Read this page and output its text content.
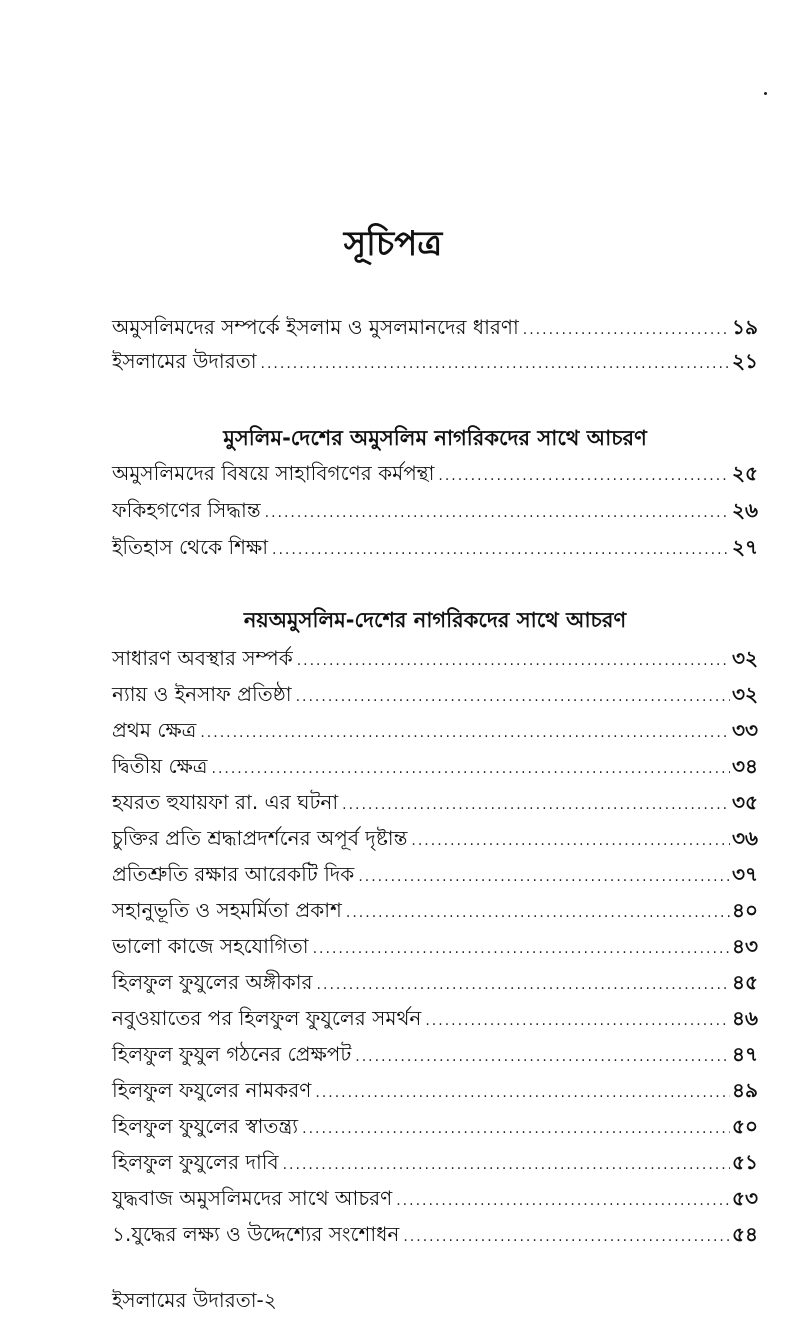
সূচিপত্র
অমুসলিমদের সম্পর্কে ইসলাম ও মুসলমানদের ধারণা .....	১৯
ইসলামের উদারতা .....	২১
মুসলিম-দেশের অমুসলিম নাগরিকদের সাথে আচরণ
অমুসলিমদের বিষয়ে সাহাবিগণের কর্মপন্থা .....	২৫
ফকিহগণের সিদ্ধান্ত .....	২৬
ইতিহাস থেকে শিক্ষা .....	২৭
নয়অমুসলিম-দেশের নাগরিকদের সাথে আচরণ
সাধারণ অবস্থার সম্পর্ক .....	৩২
ন্যায় ও ইনসাফ প্রতিষ্ঠা .....	৩২
প্রথম ক্ষেত্র .....	৩৩
দ্বিতীয় ক্ষেত্র .....	৩৪
হযরত হুযায়ফা রা. এর ঘটনা .....	৩৫
চুক্তির প্রতি শ্রদ্ধাপ্রদর্শনের অপূর্ব দৃষ্টান্ত .....	৩৬
প্রতিশ্রুতি রক্ষার আরেকটি দিক .....	৩৭
সহানুভূতি ও সহমর্মিতা প্রকাশ .....	৪০
ভালো কাজে সহযোগিতা .....	৪৩
হিলফুল ফুযুলের অঙ্গীকার .....	৪৫
নবুওয়াতের পর হিলফুল ফুযুলের সমর্থন .....	৪৬
হিলফুল ফুযুল গঠনের প্রেক্ষপট .....	৪৭
হিলফুল ফযুলের নামকরণ .....	৪৯
হিলফুল ফুযুলের স্বাতন্ত্র্য .....	৫০
হিলফুল ফুযুলের দাবি .....	৫১
যুদ্ধবাজ অমুসলিমদের সাথে আচরণ .....	৫৩
১.যুদ্ধের লক্ষ্য ও উদ্দেশ্যের সংশোধন .....	৫৪
ইসলামের উদারতা-২
